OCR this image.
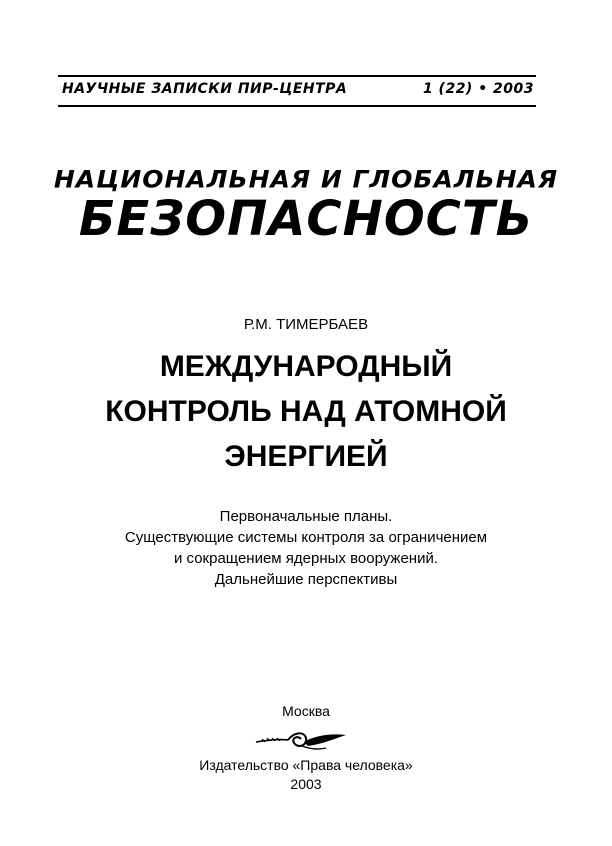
НАУЧНЫЕ ЗАПИСКИ ПИР-ЦЕНТРА	1 (22) • 2003
НАЦИОНАЛЬНАЯ И ГЛОБАЛЬНАЯ
БЕЗОПАСНОСТЬ
Р.М. ТИМЕРБАЕВ
МЕЖДУНАРОДНЫЙ
КОНТРОЛЬ НАД АТОМНОЙ
ЭНЕРГИЕЙ
Первоначальные планы.
Существующие системы контроля за ограничением
и сокращением ядерных вооружений.
Дальнейшие перспективы
Москва
Издательство «Права человека»
2003
